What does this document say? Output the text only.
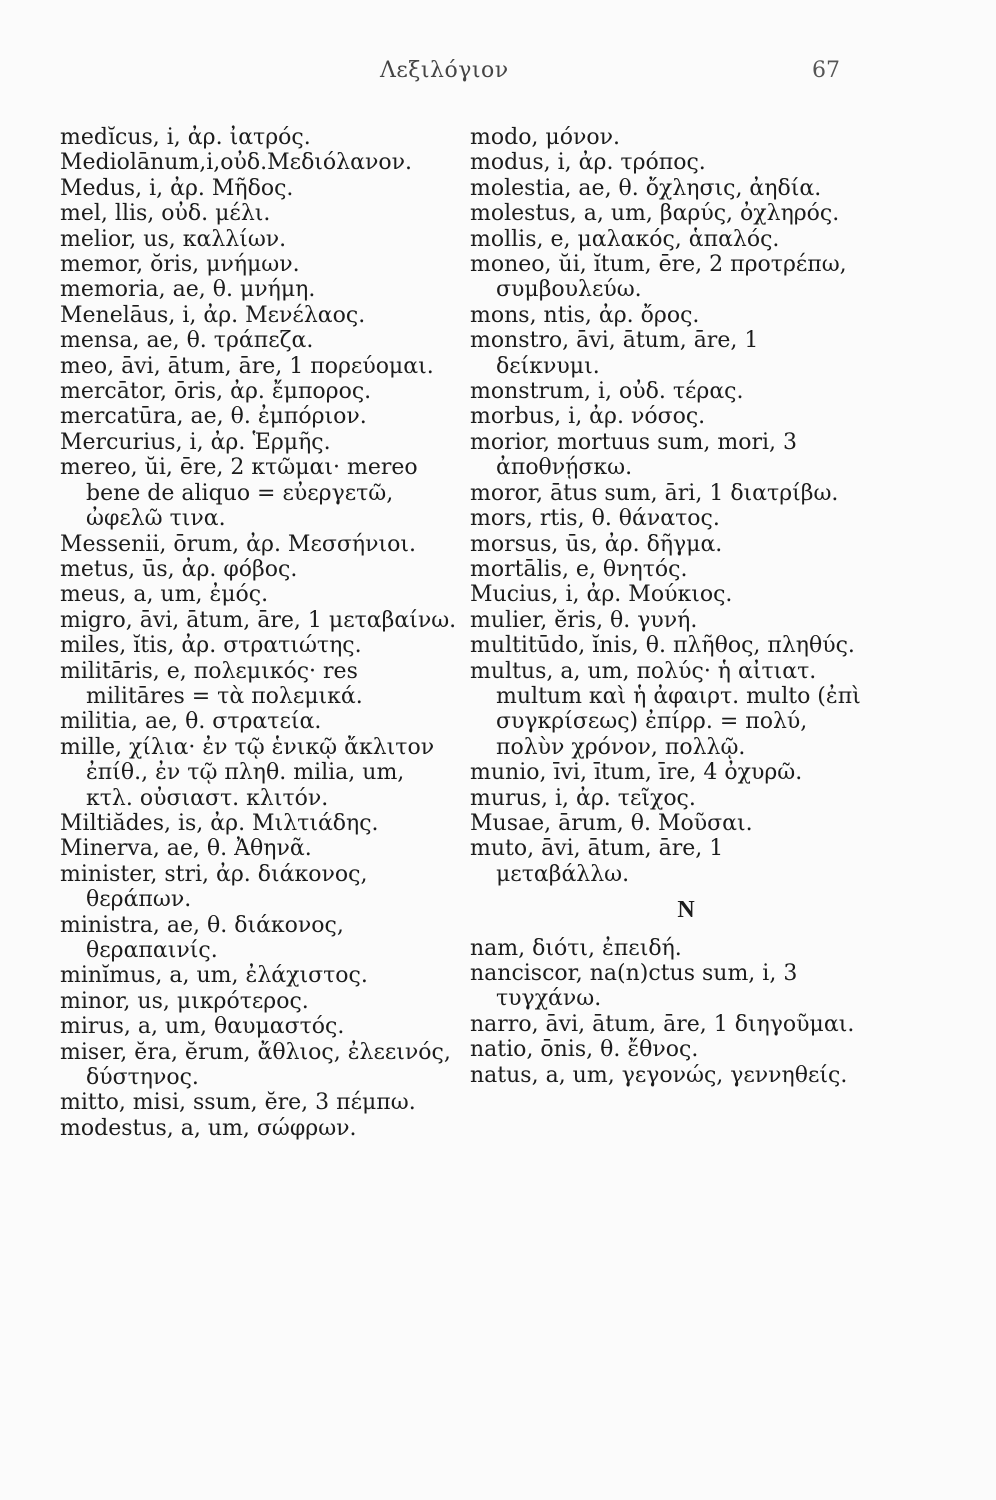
Λεξιλόγιον	67

medĭcus, i, ἀρ. ἰατρός.

Mediolānum,i,οὐδ.Μεδιόλανον.

Medus, i, ἀρ. Μῆδος.

mel, llis, οὐδ. μέλι.

melior, us, καλλίων.

memor, ŏris, μνήμων.

memoria, ae, θ. μνήμη.

Menelāus, i, ἀρ. Μενέλαος.

mensa, ae, θ. τράπεζα.

meo, āvi, ātum, āre, 1 πορεύομαι.

mercātor, ōris, ἀρ. ἔμπορος.

mercatūra, ae, θ. ἐμπόριον.

Mercurius, i, ἀρ. Ἑρμῆς.

mereo, ŭi, ēre, 2 κτῶμαι· mereo bene de aliquo = εὐεργετῶ, ὠφελῶ τινα.

Messenii, ōrum, ἀρ. Μεσσήνιοι.

metus, ūs, ἀρ. φόβος.

meus, a, um, ἐμός.

migro, āvi, ātum, āre, 1 μεταβαίνω.

miles, ĭtis, ἀρ. στρατιώτης.

militāris, e, πολεμικός· res militāres = τὰ πολεμικά.

militia, ae, θ. στρατεία.

mille, χίλια· ἐν τῷ ἑνικῷ ἄκλιτον ἐπίθ., ἐν τῷ πληθ. milia, um, κτλ. οὐσιαστ. κλιτόν.

Miltiădes, is, ἀρ. Μιλτιάδης.

Minerva, ae, θ. Ἀθηνᾶ.

minister, stri, ἀρ. διάκονος, θεράπων.

ministra, ae, θ. διάκονος, θεραπαινίς.

minĭmus, a, um, ἐλάχιστος.

minor, us, μικρότερος.

mirus, a, um, θαυμαστός.

miser, ĕra, ĕrum, ἄθλιος, ἐλεεινός, δύστηνος.

mitto, misi, ssum, ĕre, 3 πέμπω.

modestus, a, um, σώφρων.

modo, μόνον.

modus, i, ἀρ. τρόπος.

molestia, ae, θ. ὄχλησις, ἀηδία.

molestus, a, um, βαρύς, ὀχληρός.

mollis, e, μαλακός, ἁπαλός.

moneo, ŭi, ĭtum, ēre, 2 προτρέπω, συμβουλεύω.

mons, ntis, ἀρ. ὄρος.

monstro, āvi, ātum, āre, 1 δείκνυμι.

monstrum, i, οὐδ. τέρας.

morbus, i, ἀρ. νόσος.

morior, mortuus sum, mori, 3 ἀποθνῄσκω.

moror, ātus sum, āri, 1 διατρίβω.

mors, rtis, θ. θάνατος.

morsus, ūs, ἀρ. δῆγμα.

mortālis, e, θνητός.

Mucius, i, ἀρ. Μούκιος.

mulier, ĕris, θ. γυνή.

multitūdo, ĭnis, θ. πλῆθος, πληθύς.

multus, a, um, πολύς· ἡ αἰτιατ. multum καὶ ἡ ἀφαιρτ. multo (ἐπὶ συγκρίσεως) ἐπίρρ. = πολύ, πολὺν χρόνον, πολλῷ.

munio, īvi, ītum, īre, 4 ὀχυρῶ.

murus, i, ἀρ. τεῖχος.

Musae, ārum, θ. Μοῦσαι.

muto, āvi, ātum, āre, 1 μεταβάλλω.

N

nam, διότι, ἐπειδή.

nanciscor, na(n)ctus sum, i, 3 τυγχάνω.

narro, āvi, ātum, āre, 1 διηγοῦμαι.

natio, ōnis, θ. ἔθνος.

natus, a, um, γεγονώς, γεννηθείς.
